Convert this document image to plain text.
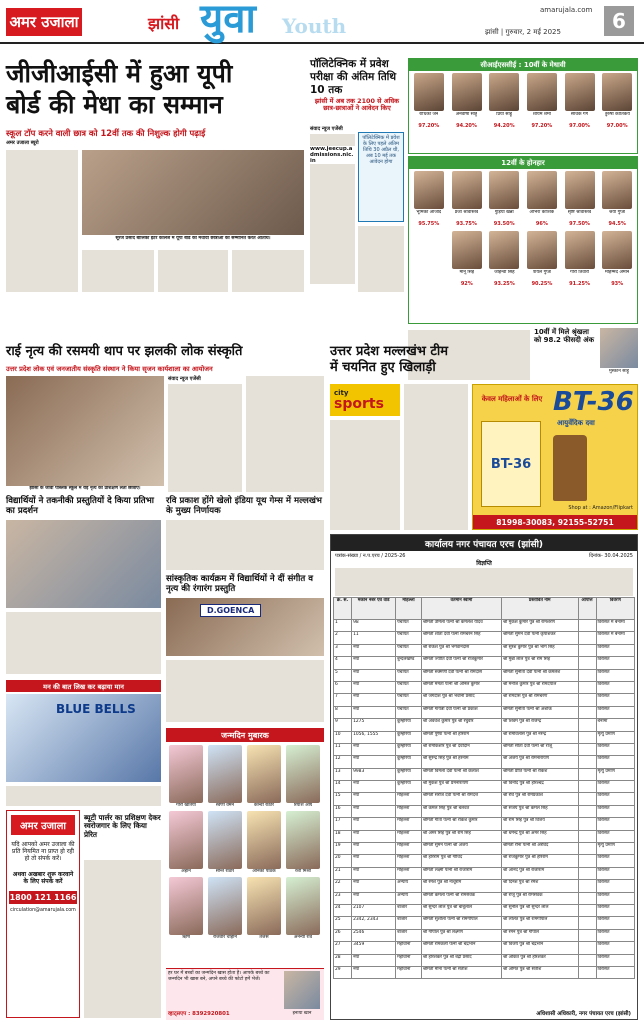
अमर उजाला	झांसी युवा Youth
amarujala.com
झांसी | गुरुवार, 2 मई 2025	6
जीजीआईसी में हुआ यूपी
बोर्ड की मेधा का सम्मान
स्कूल टॉप करने वाली छात्र को 12वीं तक की निशुल्क होगी पढ़ाई
अमर उजाला ब्यूरो
सूरज प्रसाद बालिका इंटर कॉलेज में यूपी बोर्ड की मेधावी छात्राओं को सम्मानित करते अतिथि।
पॉलिटेक्निक में प्रवेश परीक्षा की अंतिम तिथि 10 तक
झांसी में अब तक 2100 से अधिक छात्र-छात्राओं ने आवेदन किए
संवाद न्यूज एजेंसी
www.jeecup.admissions.nic.in
पॉलिटेक्निक में प्रवेश के लिए पहले अंतिम तिथि 30 अप्रैल थी, अब 10 मई तक आवेदन होगा
सीआईएससीई : 10वीं के मेधावी
राधिका जैन
97.20%
अनवीषा साहू
94.20%
प्रिया साहू
94.20%
शौर्यम शर्मा
97.20%
सार्थक गर्ग
97.00%
तुरुषा कार्तिकेय
97.00%
12वीं के होनहार
भूमिका आजाद
95.75%
प्रजा श्रीवास्तव
93.75%
गुड़िया खन्ना
93.50%
अभिरा कौशिक
96%
सृष्टि श्रीवास्तव
97.50%
श्रेया गुप्ता
94.5%
मीनू सिंह
92%
जाहन्वी सिंह
93.25%
पायल गुप्ता
90.25%
गौरी तिवारी
91.25%
मोहम्मद अमान
93%
10वीं में मिले श्रृंखला को 98.2 फीसदी अंक
मुस्कान साहू
राई नृत्य की रसमयी थाप पर झलकी लोक संस्कृति
उत्तर प्रदेश लोक एवं जनजातीय संस्कृति संस्थान ने किया सृजन कार्यशाला का आयोजन
झांसी के जीवी पब्लिक स्कूल में राई नृत्य का प्रशिक्षण लेती छात्राएं।
संवाद न्यूज एजेंसी
उत्तर प्रदेश मल्लखंभ टीम
में चयनित हुए खिलाड़ी
city
sports	केवल महिलाओं के लिए BT-36
आयुर्वेदिक दवा
BT-36
Shop at : Amazon/Flipkart
81998-30083, 92155-52751
विद्यार्थियों ने तकनीकी प्रस्तुतियों दे किया प्रतिभा का प्रदर्शन
रवि प्रकाश होंगे खेलो इंडिया यूथ गेम्स में मल्लखंभ के मुख्य निर्णायक
सांस्कृतिक कार्यक्रम में विद्यार्थियों ने दीं संगीत व नृत्य की रंगारंग प्रस्तुति
D.GOENCA
मन की बात लिख कर बढ़ाया मान
BLUE BELLS
अमर उजाला
यदि आपको अमर उजाला की प्रति नियमित ना प्राप्त हो रही हो तो संपर्क करें।
अथवा अखबार शुरू करवाने के लिए संपर्क करें
1800 121 1166
circulation@amarujala.com
ब्यूटी पार्लर का प्रशिक्षण देकर स्वरोजगार के लिए किया प्रेरित
जन्मदिन मुबारक
गौरी खेतिया	स्वर्णा वर्मन	कान्वी राठौर	रियांश आर्य
अहान	सन्ति राठौर	अनिका पाठक	रशी मिश्रा
ऋषि	राजवीर चौहान	तेजस	अनन्या राव
हर घर में बच्चों का जन्मदिन खास होता है। आपके बच्चे का जन्मदिन भी खास बने, अपने बच्चे की फोटो हमें भेजें।
व्हाट्सएप : 8392920801	इनाया खान
कार्यालय नगर पंचायत एरच (झांसी)
पत्रांक-संख्या / न.प.एरच / 2025-26	दिनांक- 30.04.2025
विज्ञप्ति
क्र. सं.	मकान नंबर एवं वार्ड	मोहल्ला	वर्तमान स्वामी	प्रस्तावित नाम	आपत्ति	विवरण
1	98	पंचायत	श्रीमती उर्मिला पत्नी श्री कमलेश यादव	श्री मुकेश कुमार पुत्र श्री रामशरण		विरासत में बैनामा
2	11	पंचायत	श्रीमती शांता देवी पत्नी रामचरन सिंह	श्रीमती सुमन देवी पत्नी कृपाशंकर		विरासत में बैनामा
3	नया	पंचायत	श्री राकेश पुत्र श्री भगवानदास	श्री सुरेश कुमार पुत्र श्री भाग सिंह		विरासत
4	नया	बुन्देलखण्ड	श्रीमती ज्योति देवी पत्नी श्री राजकुमार	श्री मुन्ना लाल पुत्र श्री राम सिंह		विरासत
5	नया	पंचायत	श्रीमती रुक्मणी देवी पत्नी श्री रामदास	श्रीमती सुनीता देवी पत्नी श्री कमलेश		विरासत
6	नया	पंचायत	श्रीमती ममता पत्नी श्री अनिल कुमार	श्री मनोज कुमार पुत्र श्री रामदयाल		विरासत
7	नया	पंचायत	श्री जगदीश पुत्र श्री भवानी प्रसाद	श्री रामदास पुत्र श्री रामचरण		विरासत
8	नया	पंचायत	श्रीमती गायत्री देवी पत्नी श्री प्रकाश	श्रीमती सुनीता पत्नी श्री अशोक		विरासत
9	1275	कुम्हेरिया	श्री अवधेश कुमार पुत्र श्री रघुवीर	श्री शिवम पुत्र श्री राजेन्द्र		बैनामा
10	1056, 1555	कुम्हेरिया	श्रीमती पुष्पा पत्नी श्री हरिराम	श्री रामविलास पुत्र श्री नरेन्द्र		मृत्यु प्रमाण
11	नया	कुम्हेरिया	श्री रामकिशोर पुत्र श्री देवीदीन	श्रीमती सीता देवी पत्नी श्री राजू		विरासत
12	नया	कुम्हेरिया	श्री सुरेन्द्र सिंह पुत्र श्री हरनाम	श्री अजय पुत्र श्री रामनारायण		विरासत
13	9983	कुम्हेरिया	श्रीमती विमला देवी पत्नी श्री कैलाश	श्रीमती प्रीति पत्नी श्री राकेश		मृत्यु प्रमाण
14	नया	कुम्हेरिया	श्री मुकेश पुत्र श्री प्रेमनारायण	श्री विनोद पुत्र श्री हरिश्चंद्र		विरासत
15	नया	मोहल्ला	श्रीमती सरोज देवी पत्नी श्री रामदत्त	श्री रवि पुत्र श्री रामप्रकाश		विरासत
16	नया	मोहल्ला	श्री कमल सिंह पुत्र श्री बलवंत	श्री संजय पुत्र श्री कमल सिंह		विरासत
17	नया	मोहल्ला	श्रीमती गीता पत्नी श्री राकेश कुमार	श्री राम सिंह पुत्र श्री विजय		विरासत
18	नया	मोहल्ला	श्री अमर सिंह पुत्र श्री राम सिंह	श्री धर्मेन्द्र पुत्र श्री अमर सिंह		विरासत
19	नया	मोहल्ला	श्रीमती सुमन पत्नी श्री अजय	श्रीमती रीना पत्नी श्री अरविंद		मृत्यु प्रमाण
20	नया	मोहल्ला	श्री हरिराम पुत्र श्री गोविंद	श्री राजकुमार पुत्र श्री हरिराम		विरासत
21	नया	मोहल्ला	श्रीमती लक्ष्मी पत्नी श्री राजाराम	श्री आनंद पुत्र श्री राजाराम		विरासत
22	नया	अन्याय	श्री रमेश पुत्र श्री नाथूराम	श्री दिनेश पुत्र श्री रमेश		विरासत
23	नया	अन्याय	श्रीमती कमला पत्नी श्री रामसेवक	श्री राजू पुत्र श्री रामसेवक		विरासत
24	2107	बाजार	श्री सुन्दर लाल पुत्र श्री बाबूलाल	श्री सुनील पुत्र श्री सुन्दर लाल		विरासत
25	2342, 2343	बाजार	श्रीमती सुशीला पत्नी श्री रामगोपाल	श्री ललित पुत्र श्री रामगोपाल		विरासत
26	2546	बाजार	श्री गोपाल पुत्र श्री लक्ष्मण	श्री रमन पुत्र श्री गोपाल		विरासत
27	3459	महोवाना	श्रीमती रामकली पत्नी श्री चंद्रभान	श्री विजय पुत्र श्री चंद्रभान		विरासत
28	नया	महोवाना	श्री हरिशंकर पुत्र श्री बद्री प्रसाद	श्री अंकित पुत्र श्री हरिशंकर		विरासत
29	नया	महोवाना	श्रीमती मीना पत्नी श्री सतीश	श्री अमित पुत्र श्री सतीश		विरासत
अधिशासी अधिकारी, नगर पंचायत एरच (झांसी)
